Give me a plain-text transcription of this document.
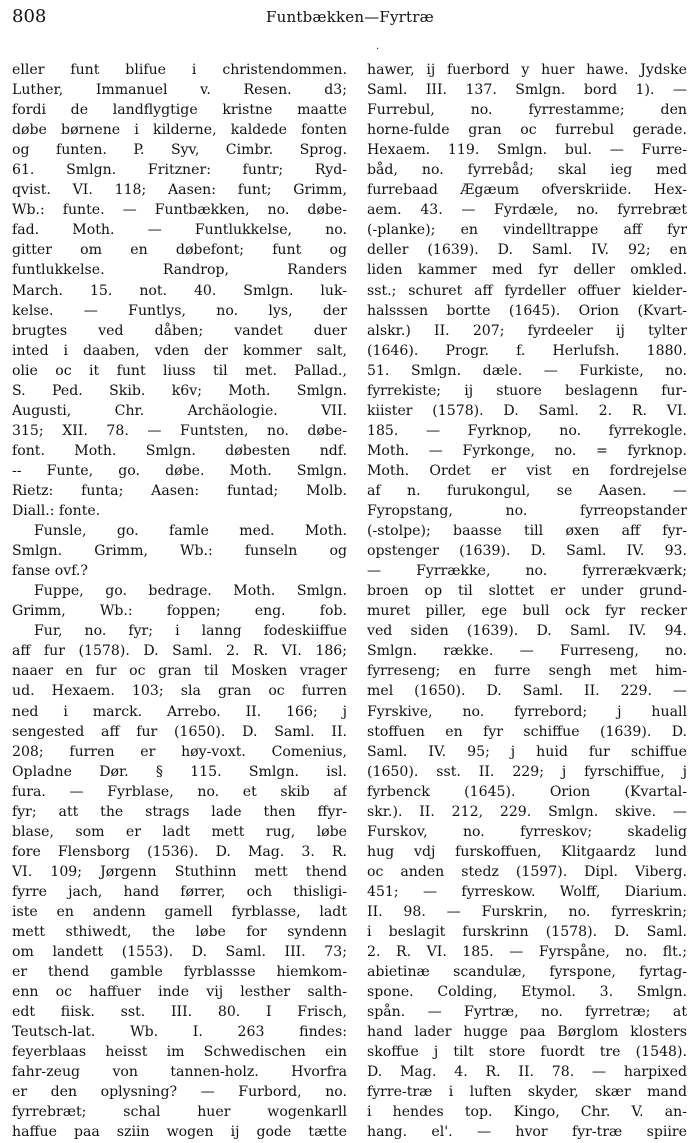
808	Funtbækken—Fyrtræ
·
eller funt blifue i christendommen.
Luther, Immanuel v. Resen. d3;
fordi de landflygtige kristne maatte
døbe børnene i kilderne, kaldede fonten
og funten. P. Syv, Cimbr. Sprog.
61. Smlgn. Fritzner: funtr; Ryd-
qvist. VI. 118; Aasen: funt; Grimm,
Wb.: funte. — Funtbækken, no. døbe-
fad. Moth. — Funtlukkelse, no.
gitter om en døbefont; funt og
funtlukkelse. Randrop, Randers
March. 15. not. 40. Smlgn. luk-
kelse. — Funtlys, no. lys, der
brugtes ved dåben; vandet duer
inted i daaben, vden der kommer salt,
olie oc it funt liuss til met. Pallad.,
S. Ped. Skib. k6v; Moth. Smlgn.
Augusti, Chr. Archäologie. VII.
315; XII. 78. — Funtsten, no. døbe-
font. Moth. Smlgn. døbesten ndf.
-- Funte, go. døbe. Moth. Smlgn.
Rietz: funta; Aasen: funtad; Molb.
Diall.: fonte.
Funsle, go. famle med. Moth.
Smlgn. Grimm, Wb.: funseln og
fanse ovf.?
Fuppe, go. bedrage. Moth. Smlgn.
Grimm, Wb.: foppen; eng. fob.
Fur, no. fyr; i lanng fodeskiiffue
aff fur (1578). D. Saml. 2. R. VI. 186;
naaer en fur oc gran til Mosken vrager
ud. Hexaem. 103; sla gran oc furren
ned i marck. Arrebo. II. 166; j
sengested aff fur (1650). D. Saml. II.
208; furren er høy-voxt. Comenius,
Opladne Dør. § 115. Smlgn. isl.
fura. — Fyrblase, no. et skib af
fyr; att the strags lade then ffyr-
blase, som er ladt mett rug, løbe
fore Flensborg (1536). D. Mag. 3. R.
VI. 109; Jørgenn Stuthinn mett thend
fyrre jach, hand førrer, och thisligi-
iste en andenn gamell fyrblasse, ladt
mett sthiwedt, the løbe for syndenn
om landett (1553). D. Saml. III. 73;
er thend gamble fyrblassse hiemkom-
enn oc haffuer inde vij lesther salth-
edt fiisk. sst. III. 80. I Frisch,
Teutsch-lat. Wb. I. 263 findes:
feyerblaas heisst im Schwedischen ein
fahr-zeug von tannen-holz. Hvorfra
er den oplysning? — Furbord, no.
fyrrebræt; schal huer wogenkarll
haffue paa sziin wogen ij gode tætte
hawer, ij fuerbord y huer hawe. Jydske
Saml. III. 137. Smlgn. bord 1). —
Furrebul, no. fyrrestamme; den
horne-fulde gran oc furrebul gerade.
Hexaem. 119. Smlgn. bul. — Furre-
båd, no. fyrrebåd; skal ieg med
furrebaad Ægæum ofverskriide. Hex-
aem. 43. — Fyrdæle, no. fyrrebræt
(-planke); en vindelltrappe aff fyr
deller (1639). D. Saml. IV. 92; en
liden kammer med fyr deller omkled.
sst.; schuret aff fyrdeller offuer kielder-
halsssen bortte (1645). Orion (Kvart-
alskr.) II. 207; fyrdeeler ij tylter
(1646). Progr. f. Herlufsh. 1880.
51. Smlgn. dæle. — Furkiste, no.
fyrrekiste; ij stuore beslagenn fur-
kiister (1578). D. Saml. 2. R. VI.
185. — Fyrknop, no. fyrrekogle.
Moth. — Fyrkonge, no. = fyrknop.
Moth. Ordet er vist en fordrejelse
af n. furukongul, se Aasen. —
Fyropstang, no. fyrreopstander
(-stolpe); baasse till øxen aff fyr-
opstenger (1639). D. Saml. IV. 93.
— Fyrrække, no. fyrrerækværk;
broen op til slottet er under grund-
muret piller, ege bull ock fyr recker
ved siden (1639). D. Saml. IV. 94.
Smlgn. række. — Furreseng, no.
fyrreseng; en furre sengh met him-
mel (1650). D. Saml. II. 229. —
Fyrskive, no. fyrrebord; j huall
stoffuen en fyr schiffue (1639). D.
Saml. IV. 95; j huid fur schiffue
(1650). sst. II. 229; j fyrschiffue, j
fyrbenck (1645). Orion (Kvartal-
skr.). II. 212, 229. Smlgn. skive. —
Furskov, no. fyrreskov; skadelig
hug vdj furskoffuen, Klitgaardz lund
oc anden stedz (1597). Dipl. Viberg.
451; — fyrreskow. Wolff, Diarium.
II. 98. — Furskrin, no. fyrreskrin;
i beslagit furskrinn (1578). D. Saml.
2. R. VI. 185. — Fyrspåne, no. flt.;
abietinæ scandulæ, fyrspone, fyrtag-
spone. Colding, Etymol. 3. Smlgn.
spån. — Fyrtræ, no. fyrretræ; at
hand lader hugge paa Børglom klosters
skoffue j tilt store fuordt tre (1548).
D. Mag. 4. R. II. 78. — harpixed
fyrre-træ i luften skyder, skær mand
i hendes top. Kingo, Chr. V. an-
hang. el'. — hvor fyr-træ spiire
